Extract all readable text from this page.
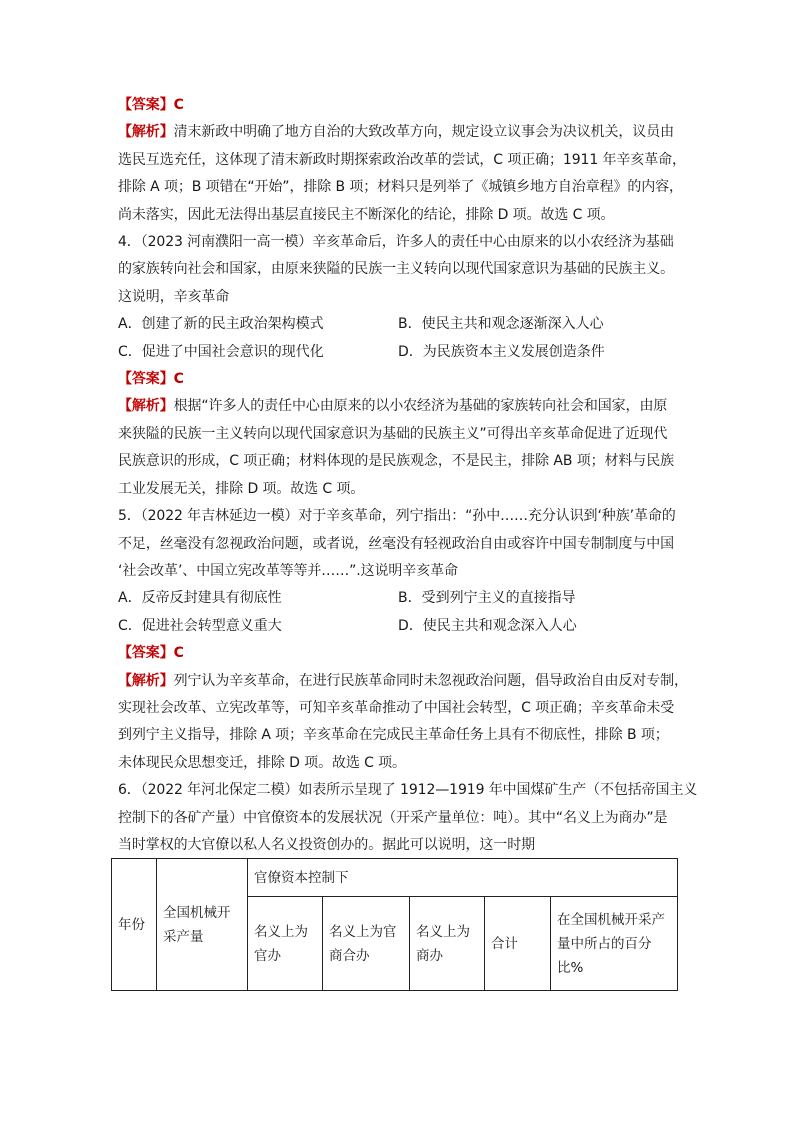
【答案】C
【解析】清末新政中明确了地方自治的大致改革方向，规定设立议事会为决议机关，议员由
选民互选充任，这体现了清末新政时期探索政治改革的尝试，C 项正确；1911 年辛亥革命，
排除 A 项；B 项错在“开始”，排除 B 项；材料只是列举了《城镇乡地方自治章程》的内容，
尚未落实，因此无法得出基层直接民主不断深化的结论，排除 D 项。故选 C 项。
4．（2023 河南濮阳一高一模）辛亥革命后，许多人的责任中心由原来的以小农经济为基础
的家族转向社会和国家，由原来狭隘的民族一主义转向以现代国家意识为基础的民族主义。
这说明，辛亥革命
A．创建了新的民主政治架构模式	B．使民主共和观念逐渐深入人心
C．促进了中国社会意识的现代化	D．为民族资本主义发展创造条件
【答案】C
【解析】根据“许多人的责任中心由原来的以小农经济为基础的家族转向社会和国家，由原
来狭隘的民族一主义转向以现代国家意识为基础的民族主义”可得出辛亥革命促进了近现代
民族意识的形成，C 项正确；材料体现的是民族观念，不是民主，排除 AB 项；材料与民族
工业发展无关，排除 D 项。故选 C 项。
5．（2022 年吉林延边一模）对于辛亥革命，列宁指出：“孙中……充分认识到‘种族’革命的
不足，丝毫没有忽视政治问题，或者说，丝毫没有轻视政治自由或容许中国专制制度与中国
‘社会改革’、中国立宪改革等等并……”.这说明辛亥革命
A．反帝反封建具有彻底性	B．受到列宁主义的直接指导
C．促进社会转型意义重大	D．使民主共和观念深入人心
【答案】C
【解析】列宁认为辛亥革命，在进行民族革命同时未忽视政治问题，倡导政治自由反对专制，
实现社会改革、立宪改革等，可知辛亥革命推动了中国社会转型，C 项正确；辛亥革命未受
到列宁主义指导，排除 A 项；辛亥革命在完成民主革命任务上具有不彻底性，排除 B 项；
未体现民众思想变迁，排除 D 项。故选 C 项。
6．（2022 年河北保定二模）如表所示呈现了 1912—1919 年中国煤矿生产（不包括帝国主义
控制下的各矿产量）中官僚资本的发展状况（开采产量单位：吨）。其中“名义上为商办”是
当时掌权的大官僚以私人名义投资创办的。据此可以说明，这一时期
年份	全国机械开采产量	官僚资本控制下				
		名义上为官办	名义上为官商合办	名义上为商办	合计	在全国机械开采产量中所占的百分比%
